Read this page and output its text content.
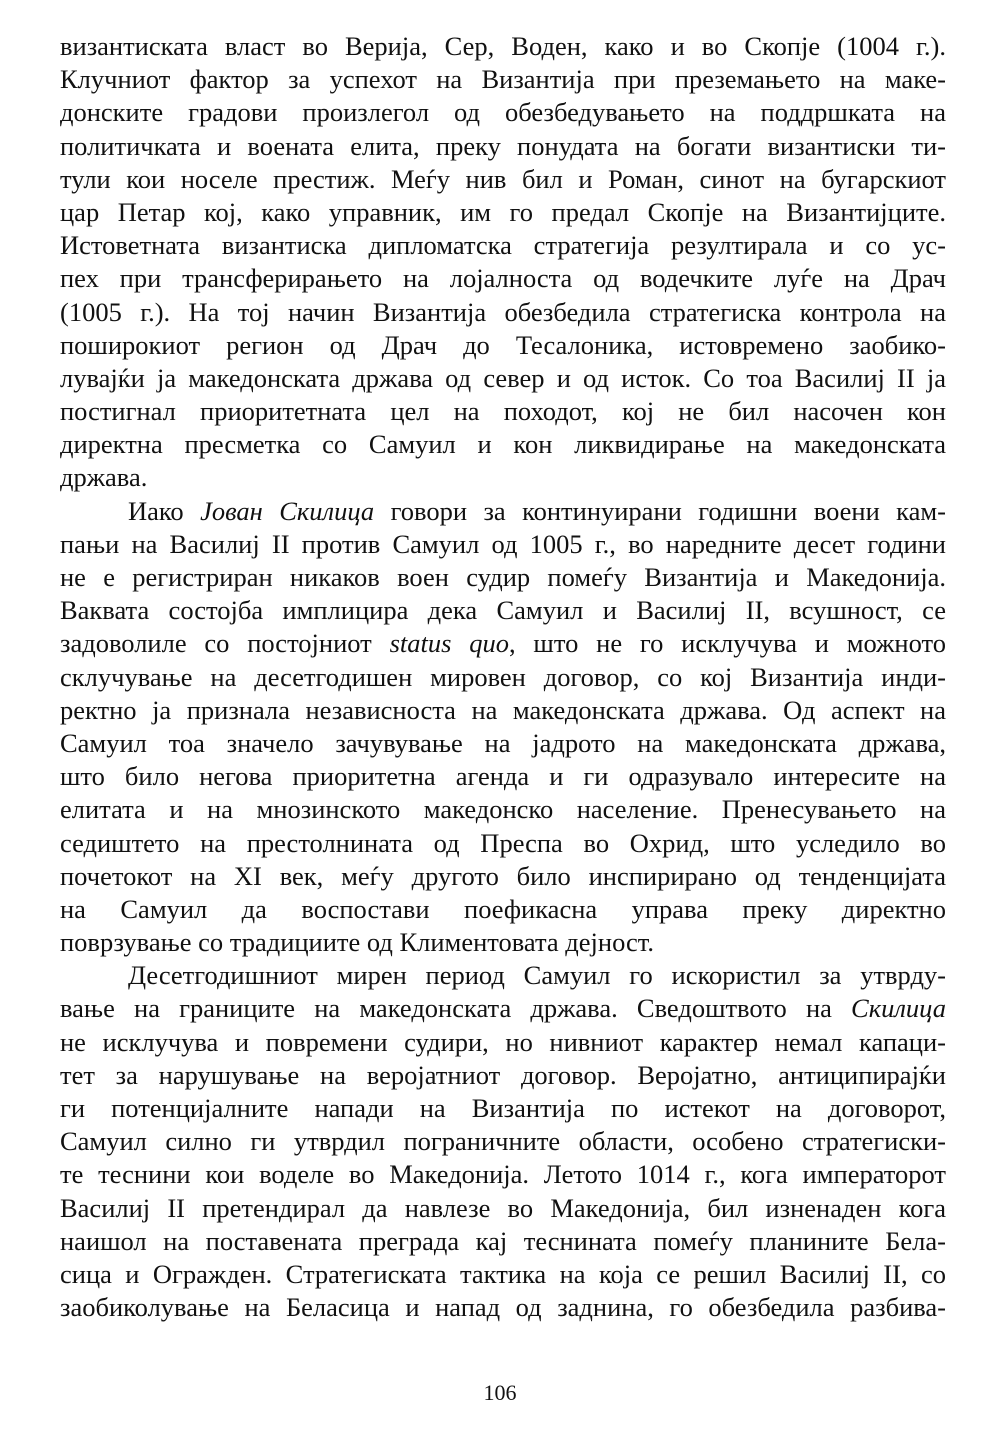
византиската власт во Верија, Сер, Воден, како и во Скопје (1004 г.).
Клучниот фактор за успехот на Византија при преземањето на маке-
донските градови произлегол од обезбедувањето на поддршката на
политичката и воената елита, преку понудата на богати византиски ти-
тули кои носеле престиж. Меѓу нив бил и Роман, синот на бугарскиот
цар Петар кој, како управник, им го предал Скопје на Византијците.
Истоветната византиска дипломатска стратегија резултирала и со ус-
пех при трансферирањето на лојалноста од водечките луѓе на Драч
(1005 г.). На тој начин Византија обезбедила стратегиска контрола на
поширокиот регион од Драч до Тесалоника, истовремено заобико-
лувајќи ја македонската држава од север и од исток. Со тоа Василиј II ја
постигнал приоритетната цел на походот, кој не бил насочен кон
директна пресметка со Самуил и кон ликвидирање на македонската
држава.
Иако Јован Скилица говори за континуирани годишни воени кам-
пањи на Василиј II против Самуил од 1005 г., во наредните десет години
не е регистриран никаков воен судир помеѓу Византија и Македонија.
Ваквата состојба имплицира дека Самуил и Василиј II, всушност, се
задоволиле со постојниот status quo, што не го исклучува и можното
склучување на десетгодишен мировен договор, со кој Византија инди-
ректно ја признала независноста на македонската држава. Од аспект на
Самуил тоа значело зачувување на јадрото на македонската држава,
што било негова приоритетна агенда и ги одразувало интересите на
елитата и на мнозинското македонско население. Пренесувањето на
седиштето на престолнината од Преспа во Охрид, што уследило во
почетокот на XI век, меѓу другото било инспирирано од тенденцијата
на Самуил да воспостави поефикасна управа преку директно
поврзување со традициите од Климентовата дејност.
Десетгодишниот мирен период Самуил го искористил за утврду-
вање на границите на македонската држава. Сведоштвото на Скилица
не исклучува и повремени судири, но нивниот карактер немал капаци-
тет за нарушување на веројатниот договор. Веројатно, антиципирајќи
ги потенцијалните напади на Византија по истекот на договорот,
Самуил силно ги утврдил пограничните области, особено стратегиски-
те теснини кои воделе во Македонија. Летото 1014 г., кога императорот
Василиј II претендирал да навлезе во Македонија, бил изненаден кога
наишол на поставената преграда кај теснината помеѓу планините Бела-
сица и Огражден. Стратегиската тактика на која се решил Василиј II, со
заобиколување на Беласица и напад од заднина, го обезбедила разбива-
106
